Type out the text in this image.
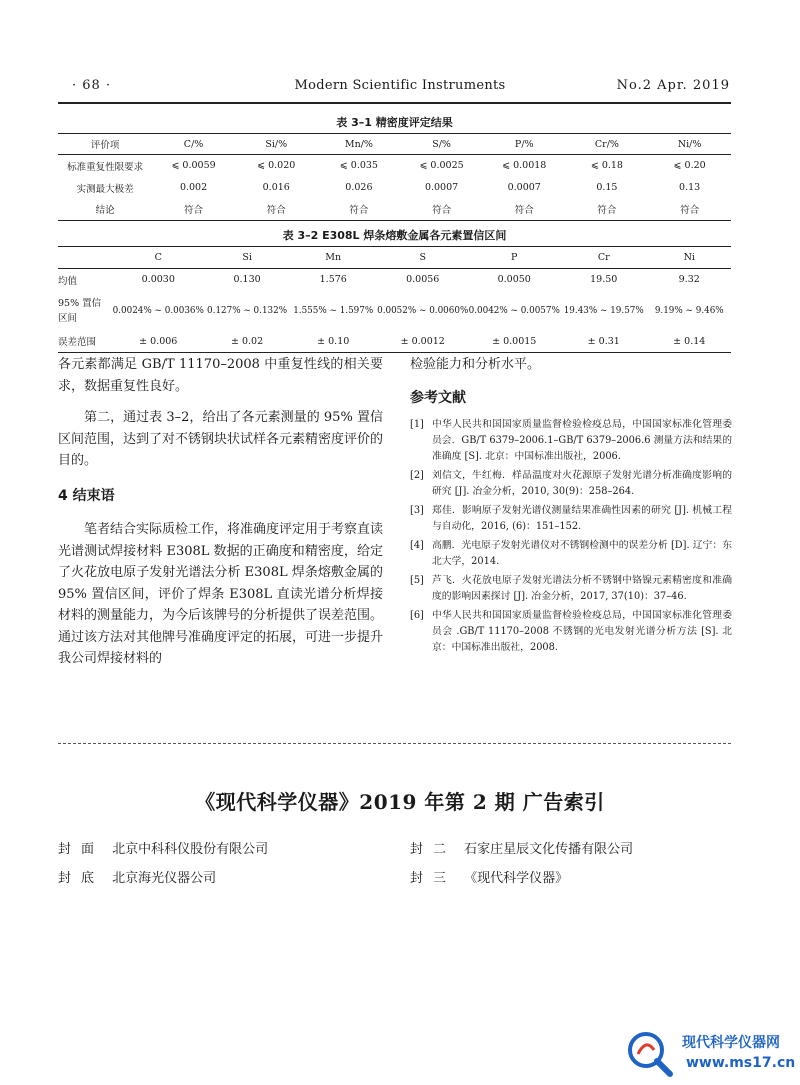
· 68 ·	Modern Scientific Instruments	No.2 Apr. 2019
表 3–1 精密度评定结果
评价项	C/%	Si/%	Mn/%	S/%	P/%	Cr/%	Ni/%
标准重复性限要求	⩽ 0.0059	⩽ 0.020	⩽ 0.035	⩽ 0.0025	⩽ 0.0018	⩽ 0.18	⩽ 0.20
实测最大极差	0.002	0.016	0.026	0.0007	0.0007	0.15	0.13
结论	符合	符合	符合	符合	符合	符合	符合
表 3–2 E308L 焊条熔敷金属各元素置信区间
	C	Si	Mn	S	P	Cr	Ni
均值	0.0030	0.130	1.576	0.0056	0.0050	19.50	9.32
95% 置信区间	0.0024% ~ 0.0036%	0.127% ~ 0.132%	1.555% ~ 1.597%	0.0052% ~ 0.0060%	0.0042% ~ 0.0057%	19.43% ~ 19.57%	9.19% ~ 9.46%
误差范围	± 0.006	± 0.02	± 0.10	± 0.0012	± 0.0015	± 0.31	± 0.14

各元素都满足 GB/T 11170–2008 中重复性线的相关要求，数据重复性良好。

第二，通过表 3–2，给出了各元素测量的 95% 置信区间范围，达到了对不锈钢块状试样各元素精密度评价的目的。

4 结束语

笔者结合实际质检工作，将准确度评定用于考察直读光谱测试焊接材料 E308L 数据的正确度和精密度，给定了火花放电原子发射光谱法分析 E308L 焊条熔敷金属的 95% 置信区间，评价了焊条 E308L 直读光谱分析焊接材料的测量能力，为今后该牌号的分析提供了误差范围。通过该方法对其他牌号准确度评定的拓展，可进一步提升我公司焊接材料的

检验能力和分析水平。

参考文献

[1] 中华人民共和国国家质量监督检验检疫总局，中国国家标准化管理委员会．GB/T 6379–2006.1–GB/T 6379–2006.6 测量方法和结果的准确度 [S]. 北京：中国标准出版社，2006.
[2] 刘信文，牛红梅．样品温度对火花源原子发射光谱分析准确度影响的研究 [J]. 冶金分析，2010, 30(9)：258–264.
[3] 郑佳．影响原子发射光谱仪测量结果准确性因素的研究 [J]. 机械工程与自动化，2016, (6)：151–152.
[4] 高鹏．光电原子发射光谱仪对不锈钢检测中的误差分析 [D]. 辽宁：东北大学，2014.
[5] 芦飞．火花放电原子发射光谱法分析不锈钢中铬镍元素精密度和准确度的影响因素探讨 [J]. 冶金分析，2017, 37(10)：37–46.
[6] 中华人民共和国国家质量监督检验检疫总局，中国国家标准化管理委员会 .GB/T 11170–2008 不锈钢的光电发射光谱分析方法 [S]. 北京：中国标准出版社，2008.
《现代科学仪器》2019 年第 2 期 广告索引
封面 北京中科科仪股份有限公司	封二 石家庄星辰文化传播有限公司
封底 北京海光仪器公司	封三 《现代科学仪器》
现代科学仪器网
www.ms17.cn
